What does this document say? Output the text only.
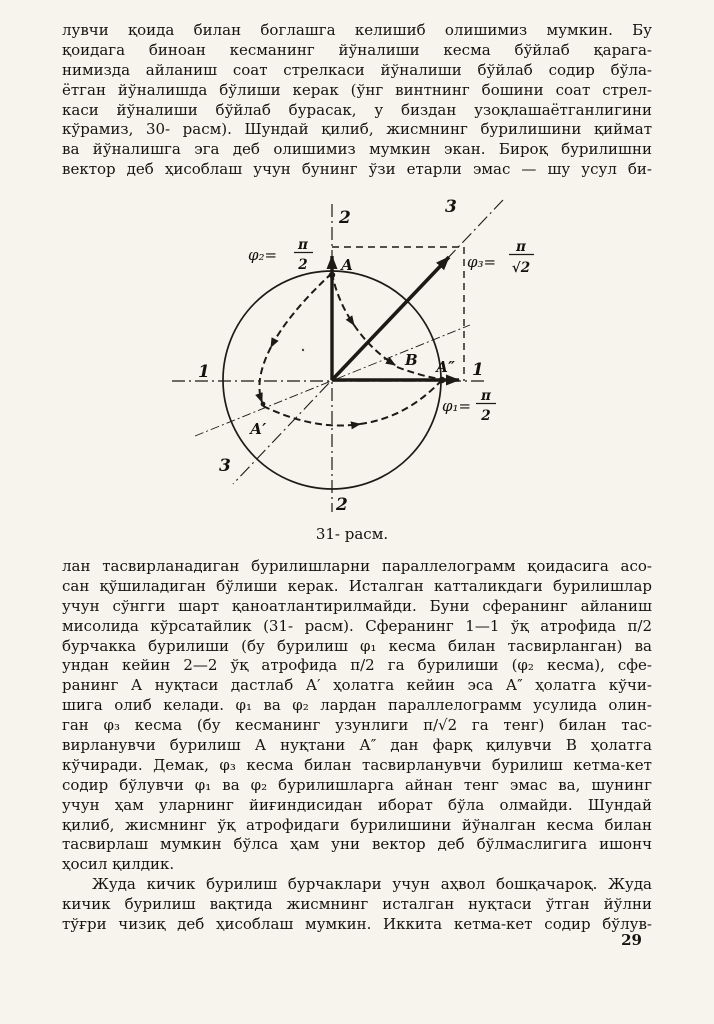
лувчи қоида билан боглашга келишиб олишимиз мумкин. Бу
қоидага биноан кесманинг йўналиши кесма бўйлаб қарага-
нимизда айланиш соат стрелкаси йўналиши бўйлаб содир бўла-
ётган йўналишда бўлиши керак (ўнг винтнинг бошини соат стрел-
каси йўналиши бўйлаб бурасак, у биздан узоқлашаётганлигини
кўрамиз, 30- расм). Шундай қилиб, жисмнинг бурилишини қиймат
ва йўналишга эга деб олишимиз мумкин экан. Бироқ бурилишни
вектор деб ҳисоблаш учун бунинг ўзи етарли эмас — шу усул би-
2
2
3
3
1	1
А
А″
А′
В
φ₂=
π
2	φ₃=
π
√2
φ₁=
π
2
31- расм.
лан тасвирланадиган бурилишларни параллелограмм қоидасига асо-
сан қўшиладиган бўлиши керак. Исталган катталикдаги бурилишлар
учун сўнгги шарт қаноатлантирилмайди. Буни сферанинг айланиш
мисолида кўрсатайлик (31- расм). Сферанинг 1—1 ўқ атрофида π/2
бурчакка бурилиши (бу бурилиш φ₁ кесма билан тасвирланган) ва
ундан кейин 2—2 ўқ атрофида π/2 га бурилиши (φ₂ кесма), сфе-
ранинг А нуқтаси дастлаб А′ ҳолатга кейин эса А″ ҳолатга кўчи-
шига олиб келади. φ₁ ва φ₂ лардан параллелограмм усулида олин-
ган φ₃ кесма (бу кесманинг узунлиги π/√2 га тенг) билан тас-
вирланувчи бурилиш А нуқтани А″ дан фарқ қилувчи В ҳолатга
кўчиради. Демак, φ₃ кесма билан тасвирланувчи бурилиш кетма-кет
содир бўлувчи φ₁ ва φ₂ бурилишларга айнан тенг эмас ва, шунинг
учун ҳам уларнинг йиғиндисидан иборат бўла олмайди. Шундай
қилиб, жисмнинг ўқ атрофидаги бурилишини йўналган кесма билан
тасвирлаш мумкин бўлса ҳам уни вектор деб бўлмаслигига ишонч
ҳосил қилдик.
Жуда кичик бурилиш бурчаклари учун аҳвол бошқачароқ. Жуда
кичик бурилиш вақтида жисмнинг исталган нуқтаси ўтган йўлни
тўғри чизиқ деб ҳисоблаш мумкин. Иккита кетма-кет содир бўлув-
29
